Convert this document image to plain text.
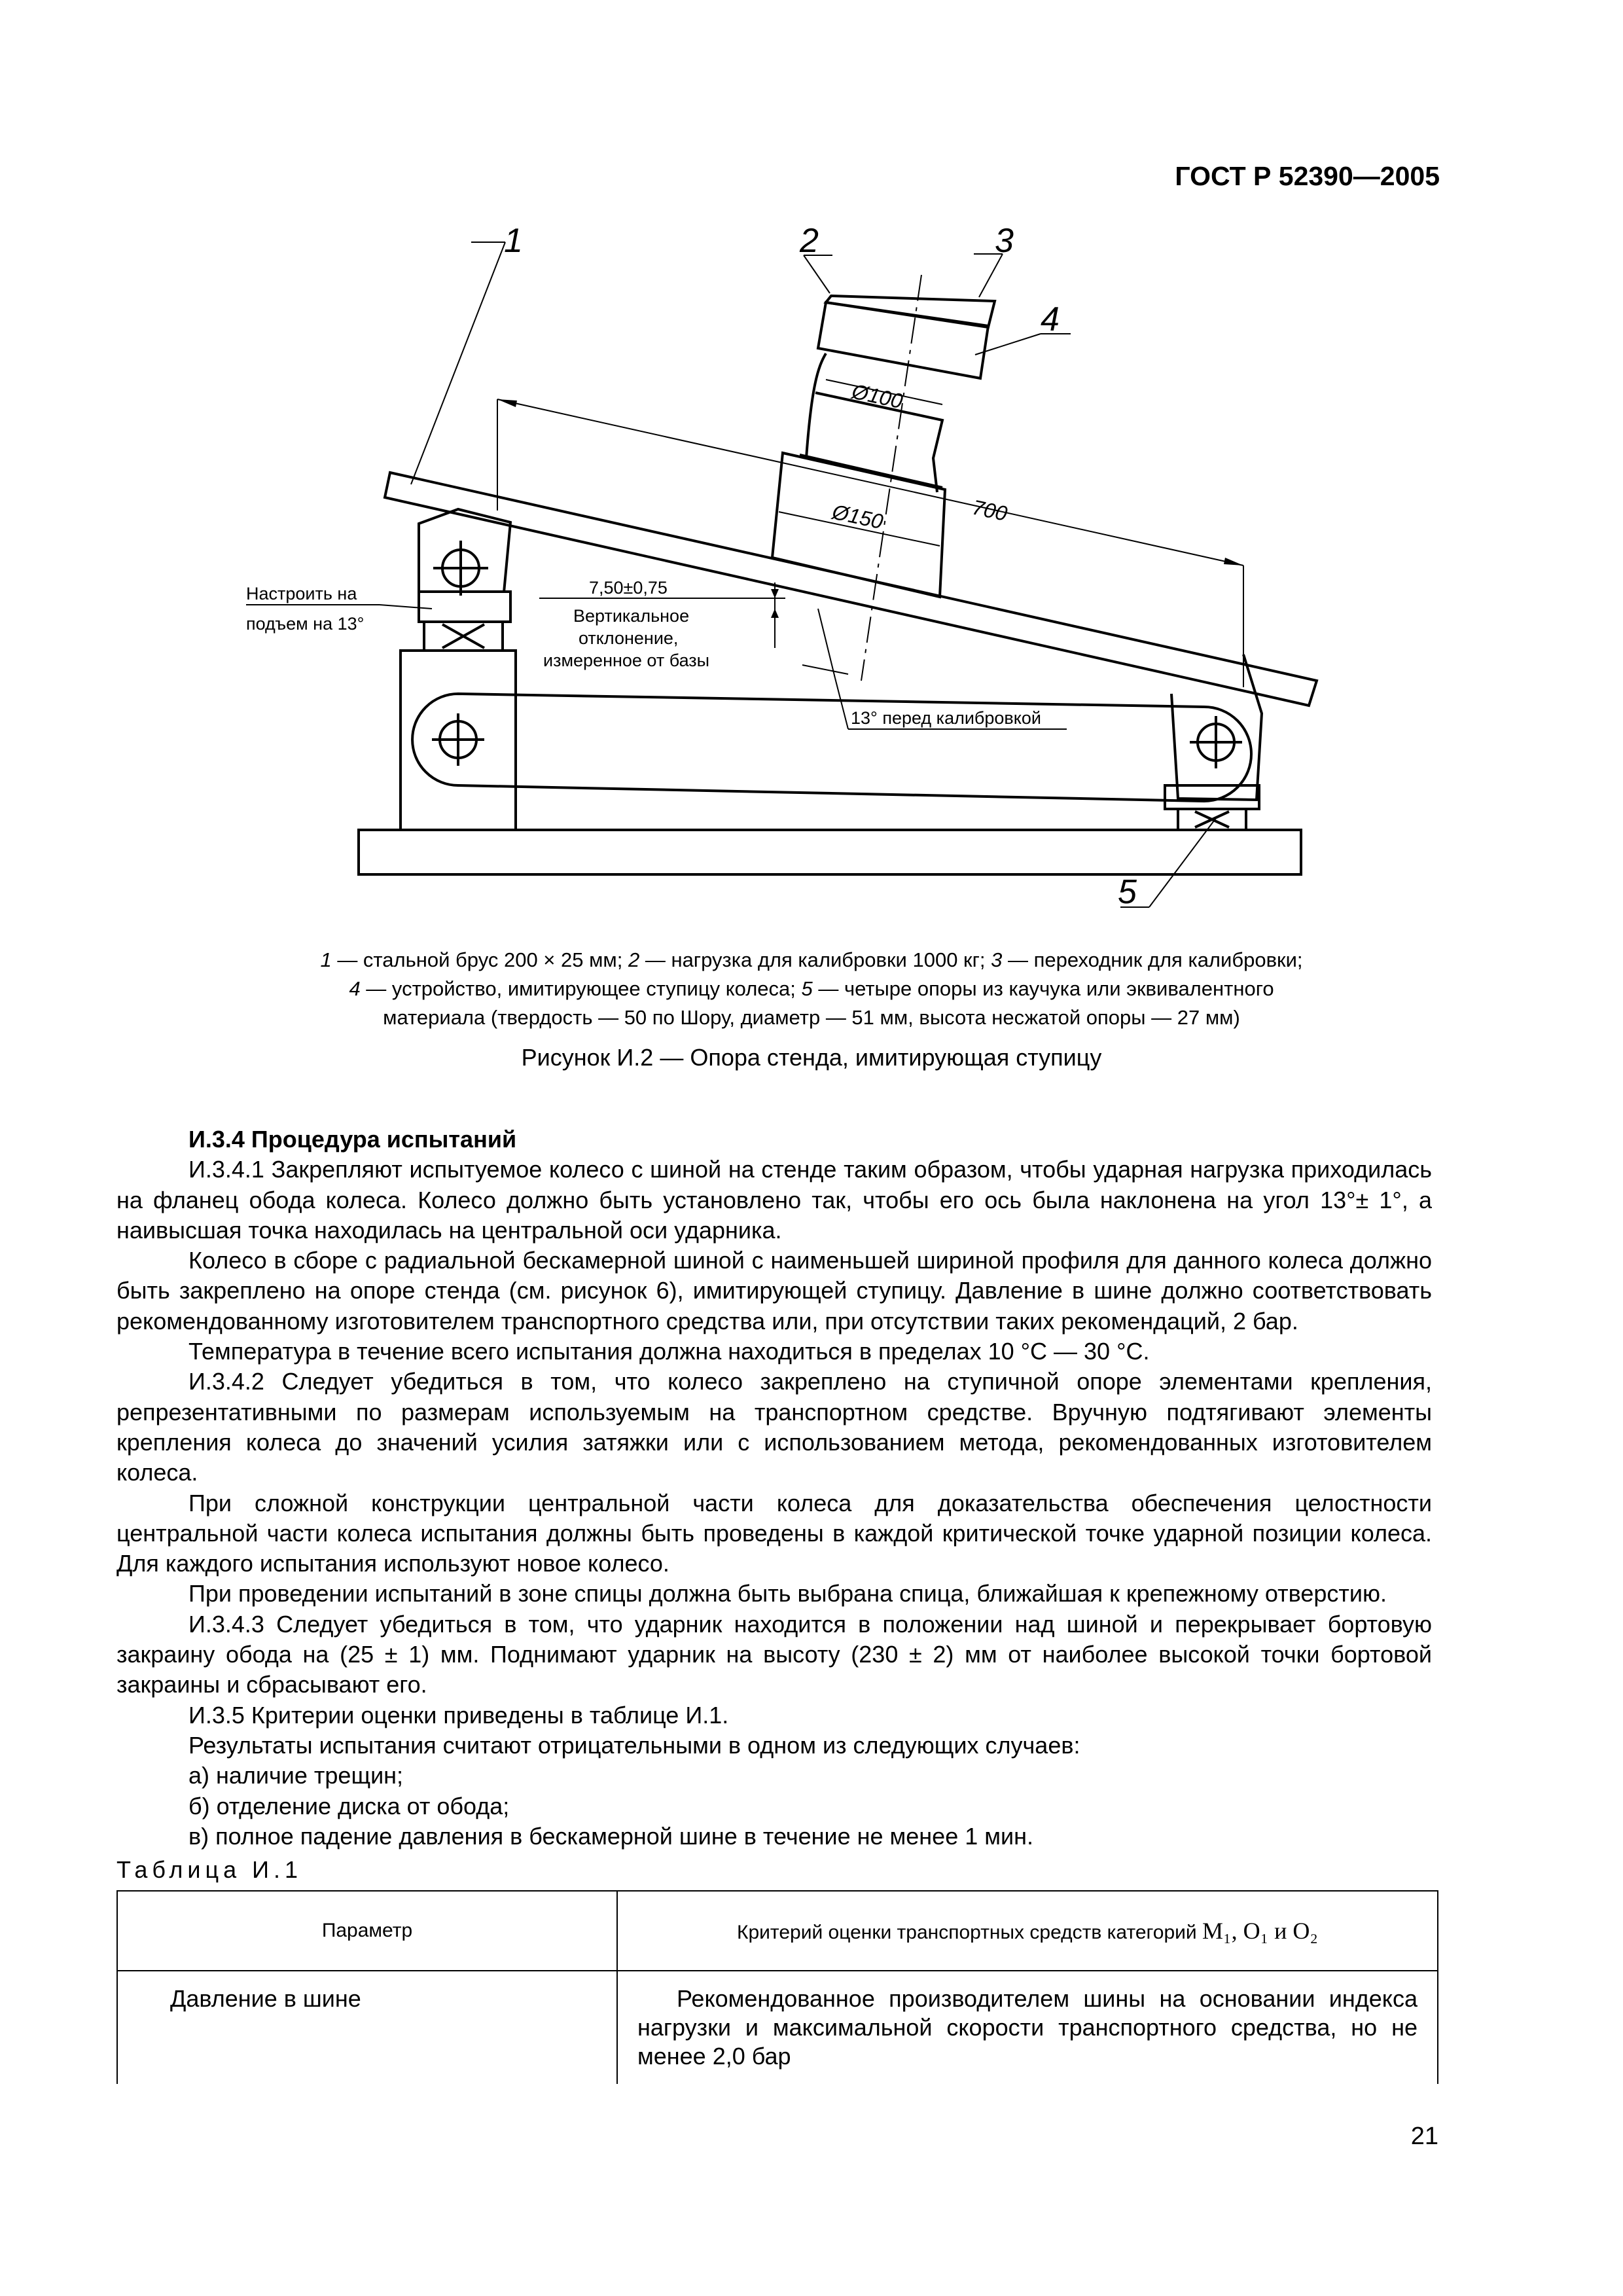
ГОСТ Р 52390—2005
1	2	3
4
5
Ø100
Ø150	700
7,50±0,75
Настроить на
подъем на 13°	Вертикальное
отклонение,
измеренное от базы
13° перед калибровкой
1 — стальной брус 200 × 25 мм; 2 — нагрузка для калибровки 1000 кг; 3 — переходник для калибровки;
4 — устройство, имитирующее ступицу колеса; 5 — четыре опоры из каучука или эквивалентного
материала (твердость — 50 по Шору, диаметр — 51 мм, высота несжатой опоры — 27 мм)
Рисунок И.2 — Опора стенда, имитирующая ступицу

И.3.4 Процедура испытаний

И.3.4.1 Закрепляют испытуемое колесо с шиной на стенде таким образом, чтобы ударная нагрузка приходилась на фланец обода колеса. Колесо должно быть установлено так, чтобы его ось была наклонена на угол 13°± 1°, а наивысшая точка находилась на центральной оси ударника.

Колесо в сборе с радиальной бескамерной шиной с наименьшей шириной профиля для данного колеса должно быть закреплено на опоре стенда (см. рисунок 6), имитирующей ступицу. Давление в шине должно соответствовать рекомендованному изготовителем транспортного средства или, при отсутствии таких рекомендаций, 2 бар.

Температура в течение всего испытания должна находиться в пределах 10 °С — 30 °С.

И.3.4.2 Следует убедиться в том, что колесо закреплено на ступичной опоре элементами крепления, репрезентативными по размерам используемым на транспортном средстве. Вручную подтягивают элементы крепления колеса до значений усилия затяжки или с использованием метода, рекомендованных изготовителем колеса.

При сложной конструкции центральной части колеса для доказательства обеспечения целостности центральной части колеса испытания должны быть проведены в каждой критической точке ударной позиции колеса. Для каждого испытания используют новое колесо.

При проведении испытаний в зоне спицы должна быть выбрана спица, ближайшая к крепежному отверстию.

И.3.4.3 Следует убедиться в том, что ударник находится в положении над шиной и перекрывает бортовую закраину обода на (25 ± 1) мм. Поднимают ударник на высоту (230 ± 2) мм от наиболее высокой точки бортовой закраины и сбрасывают его.

И.3.5 Критерии оценки приведены в таблице И.1.

Результаты испытания считают отрицательными в одном из следующих случаев:

а) наличие трещин;

б) отделение диска от обода;

в) полное падение давления в бескамерной шине в течение не менее 1 мин.

Таблица И.1
Параметр	Критерий оценки транспортных средств категорий M₁, O₁ и O₂
Давление в шине	Рекомендованное производителем шины на основании индекса нагрузки и максимальной скорости транспортного средства, но не менее 2,0 бар
21
